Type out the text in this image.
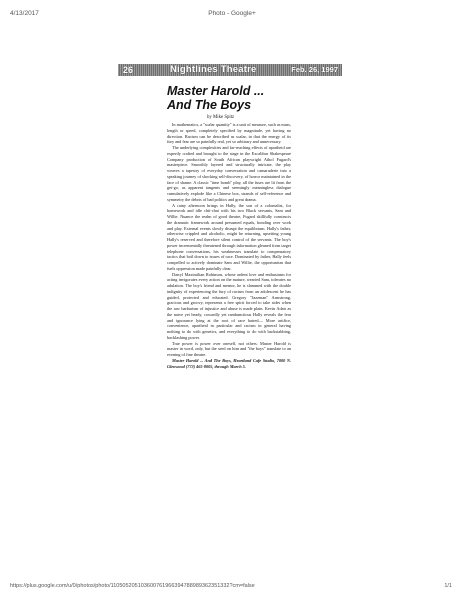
4/13/2017	Photo - Google+
26	Nightlines Theatre	Feb. 26, 1997
Master Harold ...
And The Boys
by Mike Spitz

In mathematics, a "scalar quantity" is a unit of measure, such as mass, length or speed, completely specified by magnitude, yet having no direction. Racism can be described as scalar, in that the energy of its fury and fear are so painfully real, yet so arbitrary and unnecessary.

The underlying complexities and far-reaching effects of apartheid are expertly crafted and brought to the stage in the Excalibur Shakespeare Company production of South African playwright Athol Fugard's masterpiece. Smoothly layered and structurally intricate, the play weaves a tapestry of everyday conversation and camaraderie into a speaking journey of shocking self-discovery, of horror maintained in the face of shame. A classic "time bomb" play, all the fuses are lit from the get-go, as apparent tangents and seemingly meaningless dialogue cumulatively explode like a Chinese box, strands of self-reference and symmetry the debris of bad politics and great drama.

A rainy afternoon brings in Hally, the son of a colonialist, for homework and idle chit-chat with his two Black servants, Sam and Willie. Nuance the realm of good theatre, Fugard skillfully constructs the dramatic framework around presumed equals, bonding over work and play. External events slowly disrupt the equilibrium. Hally's father, otherwise crippled and alcoholic, might be returning, upsetting young Hally's reserved and therefore silent control of the servants. The boy's power incrementally threatened through information gleaned from target telephone conversations, his weaknesses translate to compensatory tactics that boil down to issues of race. Dominated by father, Hally feels compelled to actively dominate Sam and Willie, the opportunism that fuels oppression made painfully clear.

Darryl Maximilian Robinson, whose ardent love and enthusiasm for acting invigorates every action on the mature, wearied Sam, tolerates no adulation. The boy's friend and mentor, he is slammed with the double indignity of experiencing the fury of racism from an adolescent he has guided, protected and educated. Gregory "Jazzman" Armstrong, gracious and groovy, represents a free spirit forced to take sides when the raw barbarism of injustice and abuse is made plain. Kevin Adair as the naive yet heady, cowardly yet rambunctious Hally reveals the fear and ignorance lying at the root of race hatred— More artifice, convenience, apartheid in particular and racism in general having nothing to do with genetics, and everything to do with backstabbing, backlashing power.

True power is power over oneself, not others. Master Harold is master in word, only, but the seed on him and "the boys" translate to an evening of fine theatre.

Master Harold ... And The Boys, Heartland Cafe Studio, 7000 N. Glenwood (773) 465-8005, through March 5.

https://plus.google.com/u/0/photos/photo/110505205103600761966394788989362351332?cm=false	1/1
